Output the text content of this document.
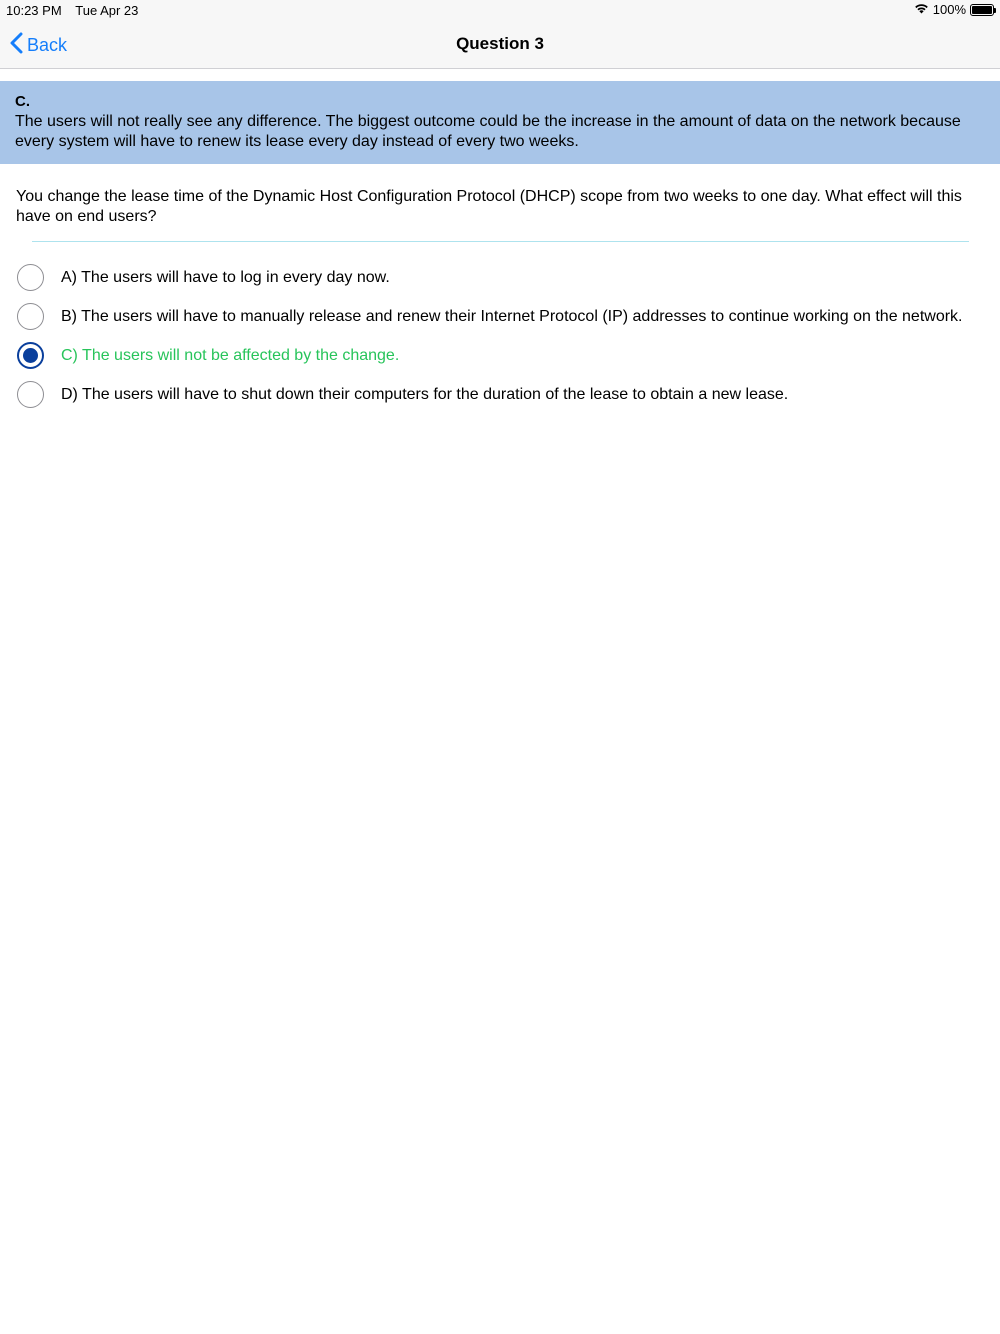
10:23 PM Tue Apr 23	100%
Back	Question 3
C.
The users will not really see any difference. The biggest outcome could be the increase in the amount of data on the network because every system will have to renew its lease every day instead of every two weeks.
You change the lease time of the Dynamic Host Configuration Protocol (DHCP) scope from two weeks to one day. What effect will this have on end users?
A) The users will have to log in every day now.
B) The users will have to manually release and renew their Internet Protocol (IP) addresses to continue working on the network.
C) The users will not be affected by the change.
D) The users will have to shut down their computers for the duration of the lease to obtain a new lease.
